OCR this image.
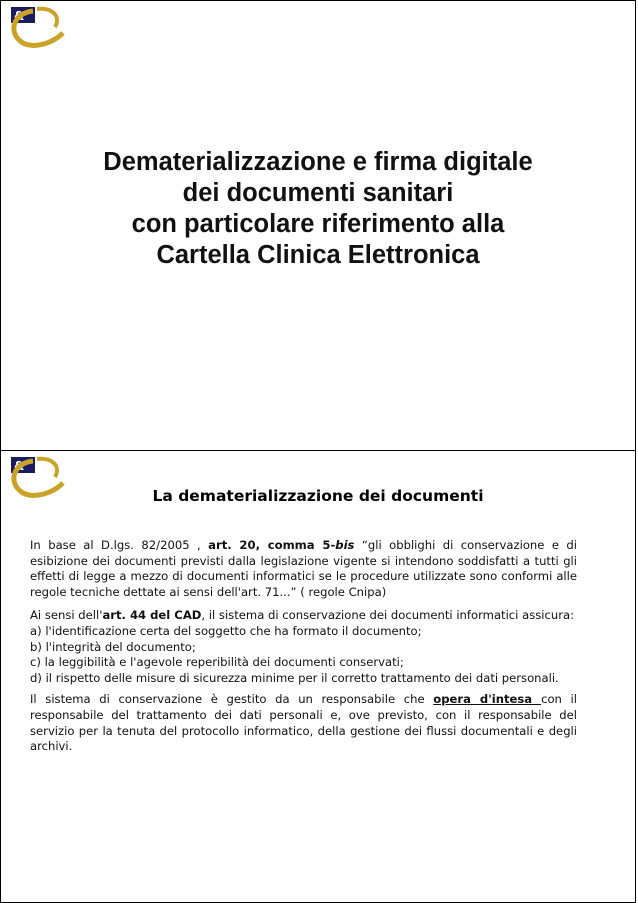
&
Dematerializzazione e firma digitale
dei documenti sanitari
con particolare riferimento alla
Cartella Clinica Elettronica
&
La dematerializzazione dei documenti
In base al D.lgs. 82/2005 , art. 20, comma 5-bis “gli obblighi di conservazione e di esibizione dei documenti previsti dalla legislazione vigente si intendono soddisfatti a tutti gli effetti di legge a mezzo di documenti informatici se le procedure utilizzate sono conformi alle regole tecniche dettate ai sensi dell'art. 71...” ( regole Cnipa)
Ai sensi dell'art. 44 del CAD, il sistema di conservazione dei documenti informatici assicura:
a) l'identificazione certa del soggetto che ha formato il documento;
b) l'integrità del documento;
c) la leggibilità e l'agevole reperibilità dei documenti conservati;
d) il rispetto delle misure di sicurezza minime per il corretto trattamento dei dati personali.
Il sistema di conservazione è gestito da un responsabile che opera d'intesa con il responsabile del trattamento dei dati personali e, ove previsto, con il responsabile del servizio per la tenuta del protocollo informatico, della gestione dei flussi documentali e degli archivi.
